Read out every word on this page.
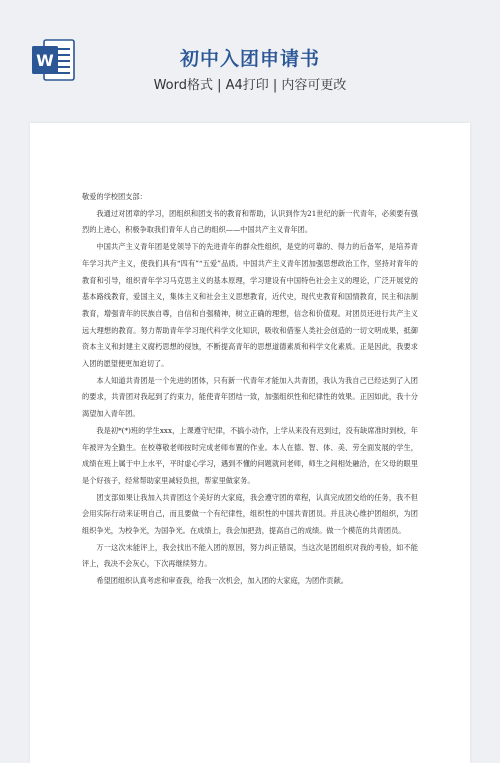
W	初中入团申请书
Word格式 | A4打印 | 内容可更改

敬爱的学校团支部：

我通过对团章的学习，团组织和团支书的教育和帮助，认识到作为21世纪的新一代青年，必须要有强烈的上进心，积极争取我们青年人自己的组织——中国共产主义青年团。

中国共产主义青年团是党领导下的先进青年的群众性组织，是党的可靠的、得力的后备军，是培养青年学习共产主义，使我们具有“四有”“五爱”品质。中国共产主义青年团加强思想政治工作，坚持对青年的教育和引导，组织青年学习马克思主义的基本原理，学习建设有中国特色社会主义的理论，广泛开展党的基本路线教育，爱国主义，集体主义和社会主义思想教育，近代史，现代史教育和国情教育，民主和法制教育，增强青年的民族自尊，自信和自强精神，树立正确的理想，信念和价值观。对团员还进行共产主义远大理想的教育。努力帮助青年学习现代科学文化知识，吸收和借鉴人类社会创造的一切文明成果，抵御资本主义和封建主义腐朽思想的侵蚀，不断提高青年的思想道德素质和科学文化素质。正是因此，我要求入团的愿望便更加迫切了。

本人知道共青团是一个先进的团体，只有新一代青年才能加入共青团，我认为我自己已经达到了入团的要求，共青团对我起到了约束力，能使青年团结一致，加强组织性和纪律性的效果。正因如此，我十分渴望加入青年团。

我是初*(*)班的学生xxx，上课遵守纪律，不搞小动作，上学从来没有迟到过，没有缺席准时到校，年年被评为全勤生。在校尊敬老师按时完成老师布置的作业。本人在德、智、体、美、劳全面发展的学生，成绩在班上属于中上水平，平时虚心学习，遇到不懂的问题就问老师，师生之间相处融洽，在父母的眼里是个好孩子，经常帮助家里减轻负担，帮家里做家务。

团支部如果让我加入共青团这个美好的大家庭，我会遵守团的章程，认真完成团交给的任务，我不但会用实际行动来证明自己，而且要做一个有纪律性，组织性的中国共青团员。并且决心维护团组织，为团组织争光，为校争光，为国争光。在成绩上，我会加把劲，提高自己的成绩。做一个模范的共青团员。

万一这次未能评上，我会找出不能入团的原因，努力纠正错误，当这次是团组织对我的考验，如不能评上，我决不会灰心，下次再继续努力。

希望团组织认真考虑和审查我，给我一次机会，加入团的大家庭，为团作贡献。
